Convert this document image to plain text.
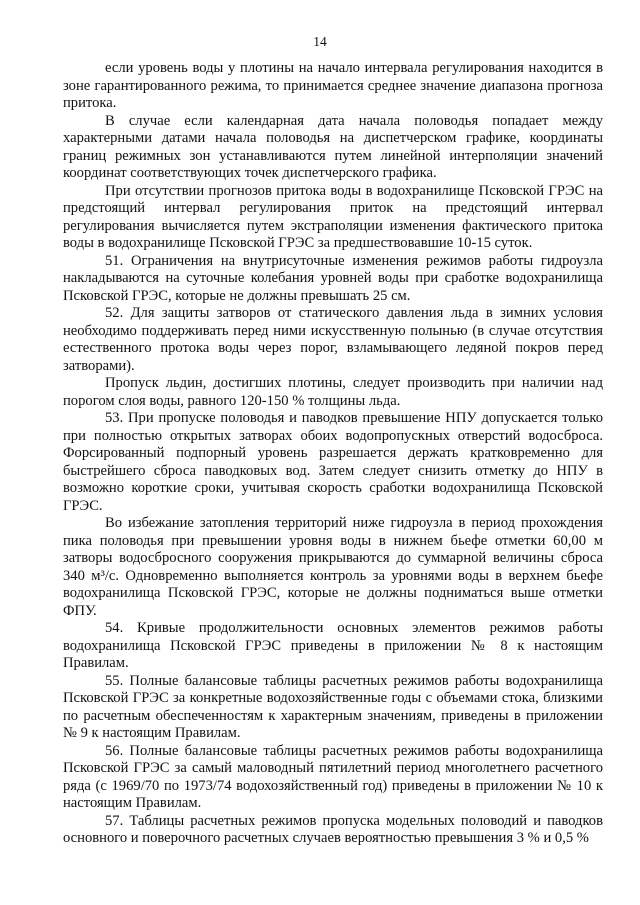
14

если уровень воды у плотины на начало интервала регулирования находится в зоне гарантированного режима, то принимается среднее значение диапазона прогноза притока.

В случае если календарная дата начала половодья попадает между характерными датами начала половодья на диспетчерском графике, координаты границ режимных зон устанавливаются путем линейной интерполяции значений координат соответствующих точек диспетчерского графика.

При отсутствии прогнозов притока воды в водохранилище Псковской ГРЭС на предстоящий интервал регулирования приток на предстоящий интервал регулирования вычисляется путем экстраполяции изменения фактического притока воды в водохранилище Псковской ГРЭС за предшествовавшие 10-15 суток.

51. Ограничения на внутрисуточные изменения режимов работы гидроузла накладываются на суточные колебания уровней воды при сработке водохранилища Псковской ГРЭС, которые не должны превышать 25 см.

52. Для защиты затворов от статического давления льда в зимних условия необходимо поддерживать перед ними искусственную полынью (в случае отсутствия естественного протока воды через порог, взламывающего ледяной покров перед затворами).

Пропуск льдин, достигших плотины, следует производить при наличии над порогом слоя воды, равного 120-150 % толщины льда.

53. При пропуске половодья и паводков превышение НПУ допускается только при полностью открытых затворах обоих водопропускных отверстий водосброса. Форсированный подпорный уровень разрешается держать кратковременно для быстрейшего сброса паводковых вод. Затем следует снизить отметку до НПУ в возможно короткие сроки, учитывая скорость сработки водохранилища Псковской ГРЭС.

Во избежание затопления территорий ниже гидроузла в период прохождения пика половодья при превышении уровня воды в нижнем бьефе отметки 60,00 м затворы водосбросного сооружения прикрываются до суммарной величины сброса 340 м³/с. Одновременно выполняется контроль за уровнями воды в верхнем бьефе водохранилища Псковской ГРЭС, которые не должны подниматься выше отметки ФПУ.

54. Кривые продолжительности основных элементов режимов работы водохранилища Псковской ГРЭС приведены в приложении № 8 к настоящим Правилам.

55. Полные балансовые таблицы расчетных режимов работы водохранилища Псковской ГРЭС за конкретные водохозяйственные годы с объемами стока, близкими по расчетным обеспеченностям к характерным значениям, приведены в приложении № 9 к настоящим Правилам.

56. Полные балансовые таблицы расчетных режимов работы водохранилища Псковской ГРЭС за самый маловодный пятилетний период многолетнего расчетного ряда (с 1969/70 по 1973/74 водохозяйственный год) приведены в приложении № 10 к настоящим Правилам.

57. Таблицы расчетных режимов пропуска модельных половодий и паводков основного и поверочного расчетных случаев вероятностью превышения 3 % и 0,5 %
